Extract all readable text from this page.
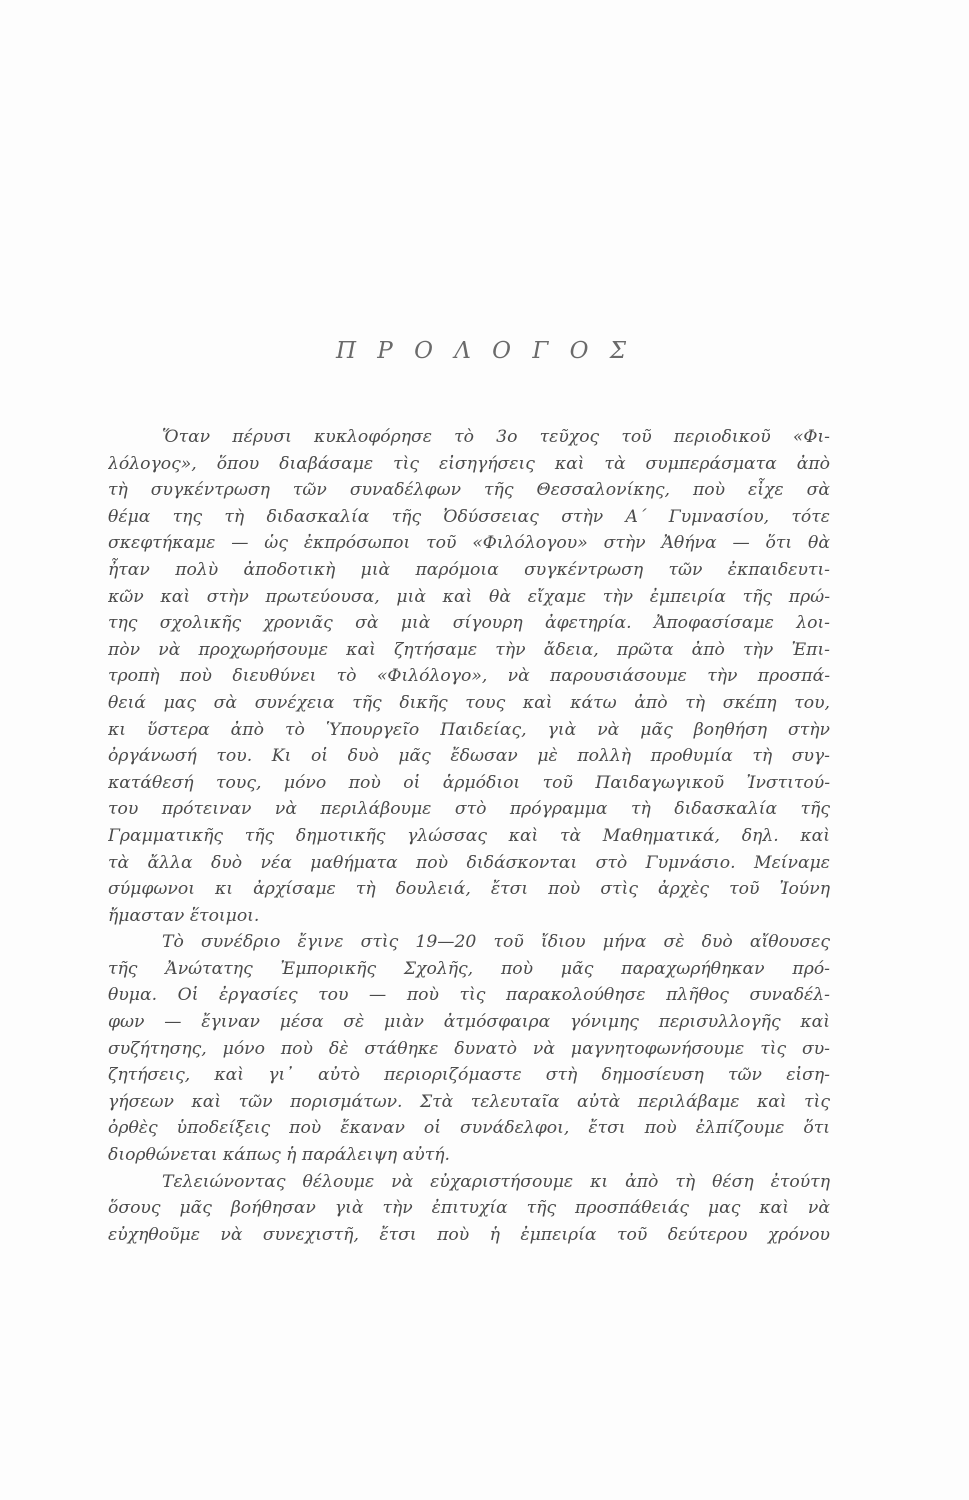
Π Ρ Ο Λ Ο Γ Ο Σ
Ὅταν πέρυσι κυκλοφόρησε τὸ 3ο τεῦχος τοῦ περιοδικοῦ «Φι-
λόλογος», ὅπου διαβάσαμε τὶς εἰσηγήσεις καὶ τὰ συμπεράσματα ἀπὸ
τὴ συγκέντρωση τῶν συναδέλφων τῆς Θεσσαλονίκης, ποὺ εἶχε σὰ
θέμα της τὴ διδασκαλία τῆς Ὀδύσσειας στὴν Α΄ Γυμνασίου, τότε
σκεφτήκαμε — ὡς ἐκπρόσωποι τοῦ «Φιλόλογου» στὴν Ἀθήνα — ὅτι θὰ
ἦταν πολὺ ἀποδοτικὴ μιὰ παρόμοια συγκέντρωση τῶν ἐκπαιδευτι-
κῶν καὶ στὴν πρωτεύουσα, μιὰ καὶ θὰ εἴχαμε τὴν ἐμπειρία τῆς πρώ-
της σχολικῆς χρονιᾶς σὰ μιὰ σίγουρη ἀφετηρία. Ἀποφασίσαμε λοι-
πὸν νὰ προχωρήσουμε καὶ ζητήσαμε τὴν ἄδεια, πρῶτα ἀπὸ τὴν Ἐπι-
τροπὴ ποὺ διευθύνει τὸ «Φιλόλογο», νὰ παρουσιάσουμε τὴν προσπά-
θειά μας σὰ συνέχεια τῆς δικῆς τους καὶ κάτω ἀπὸ τὴ σκέπη του,
κι ὕστερα ἀπὸ τὸ Ὑπουργεῖο Παιδείας, γιὰ νὰ μᾶς βοηθήση στὴν
ὀργάνωσή του. Κι οἱ δυὸ μᾶς ἔδωσαν μὲ πολλὴ προθυμία τὴ συγ-
κατάθεσή τους, μόνο ποὺ οἱ ἁρμόδιοι τοῦ Παιδαγωγικοῦ Ἰνστιτού-
του πρότειναν νὰ περιλάβουμε στὸ πρόγραμμα τὴ διδασκαλία τῆς
Γραμματικῆς τῆς δημοτικῆς γλώσσας καὶ τὰ Μαθηματικά, δηλ. καὶ
τὰ ἄλλα δυὸ νέα μαθήματα ποὺ διδάσκονται στὸ Γυμνάσιο. Μείναμε
σύμφωνοι κι ἀρχίσαμε τὴ δουλειά, ἔτσι ποὺ στὶς ἀρχὲς τοῦ Ἰούνη
ἤμασταν ἕτοιμοι.
Τὸ συνέδριο ἔγινε στὶς 19—20 τοῦ ἴδιου μήνα σὲ δυὸ αἴθουσες
τῆς Ἀνώτατης Ἐμπορικῆς Σχολῆς, ποὺ μᾶς παραχωρήθηκαν πρό-
θυμα. Οἱ ἐργασίες του — ποὺ τὶς παρακολούθησε πλῆθος συναδέλ-
φων — ἔγιναν μέσα σὲ μιὰν ἀτμόσφαιρα γόνιμης περισυλλογῆς καὶ
συζήτησης, μόνο ποὺ δὲ στάθηκε δυνατὸ νὰ μαγνητοφωνήσουμε τὶς συ-
ζητήσεις, καὶ γι᾽ αὐτὸ περιοριζόμαστε στὴ δημοσίευση τῶν εἰση-
γήσεων καὶ τῶν πορισμάτων. Στὰ τελευταῖα αὐτὰ περιλάβαμε καὶ τὶς
ὀρθὲς ὑποδείξεις ποὺ ἔκαναν οἱ συνάδελφοι, ἔτσι ποὺ ἐλπίζουμε ὅτι
διορθώνεται κάπως ἡ παράλειψη αὐτή.
Τελειώνοντας θέλουμε νὰ εὐχαριστήσουμε κι ἀπὸ τὴ θέση ἐτούτη
ὅσους μᾶς βοήθησαν γιὰ τὴν ἐπιτυχία τῆς προσπάθειάς μας καὶ νὰ
εὐχηθοῦμε νὰ συνεχιστῆ, ἔτσι ποὺ ἡ ἐμπειρία τοῦ δεύτερου χρόνου
